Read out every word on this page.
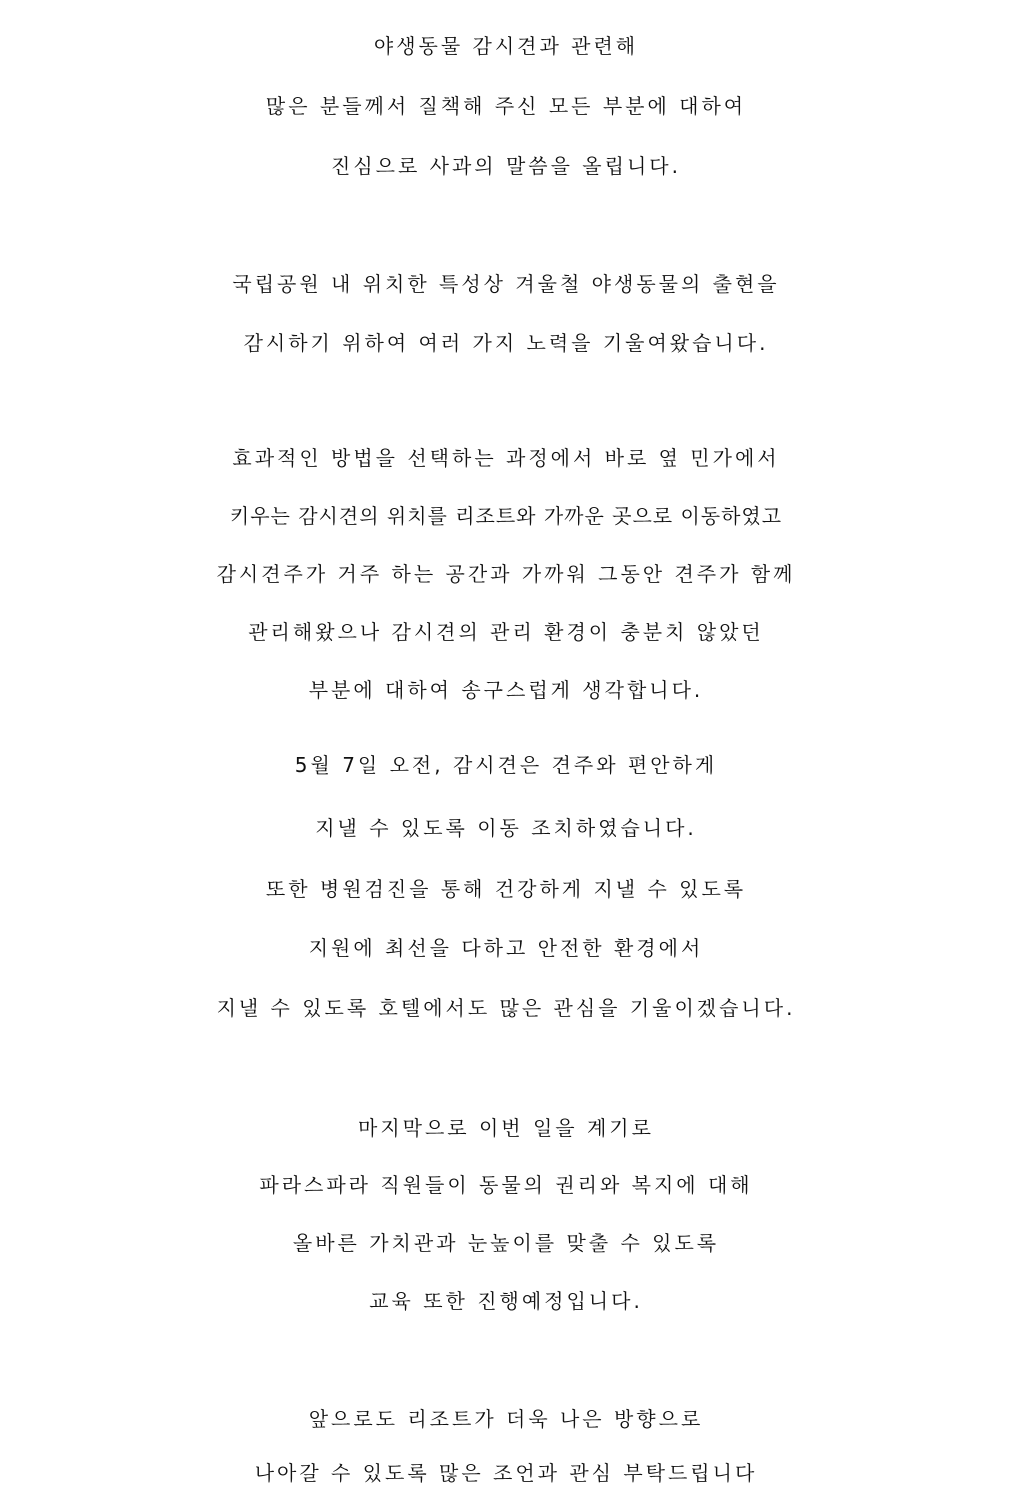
야생동물 감시견과 관련해
많은 분들께서 질책해 주신 모든 부분에 대하여
진심으로 사과의 말씀을 올립니다.
국립공원 내 위치한 특성상 겨울철 야생동물의 출현을
감시하기 위하여 여러 가지 노력을 기울여왔습니다.
효과적인 방법을 선택하는 과정에서 바로 옆 민가에서
키우는 감시견의 위치를 리조트와 가까운 곳으로 이동하였고
감시견주가 거주 하는 공간과 가까워 그동안 견주가 함께
관리해왔으나 감시견의 관리 환경이 충분치 않았던
부분에 대하여 송구스럽게 생각합니다.
5월 7일 오전, 감시견은 견주와 편안하게
지낼 수 있도록 이동 조치하였습니다.
또한 병원검진을 통해 건강하게 지낼 수 있도록
지원에 최선을 다하고 안전한 환경에서
지낼 수 있도록 호텔에서도 많은 관심을 기울이겠습니다.
마지막으로 이번 일을 계기로
파라스파라 직원들이 동물의 권리와 복지에 대해
올바른 가치관과 눈높이를 맞출 수 있도록
교육 또한 진행예정입니다.
앞으로도 리조트가 더욱 나은 방향으로
나아갈 수 있도록 많은 조언과 관심 부탁드립니다
